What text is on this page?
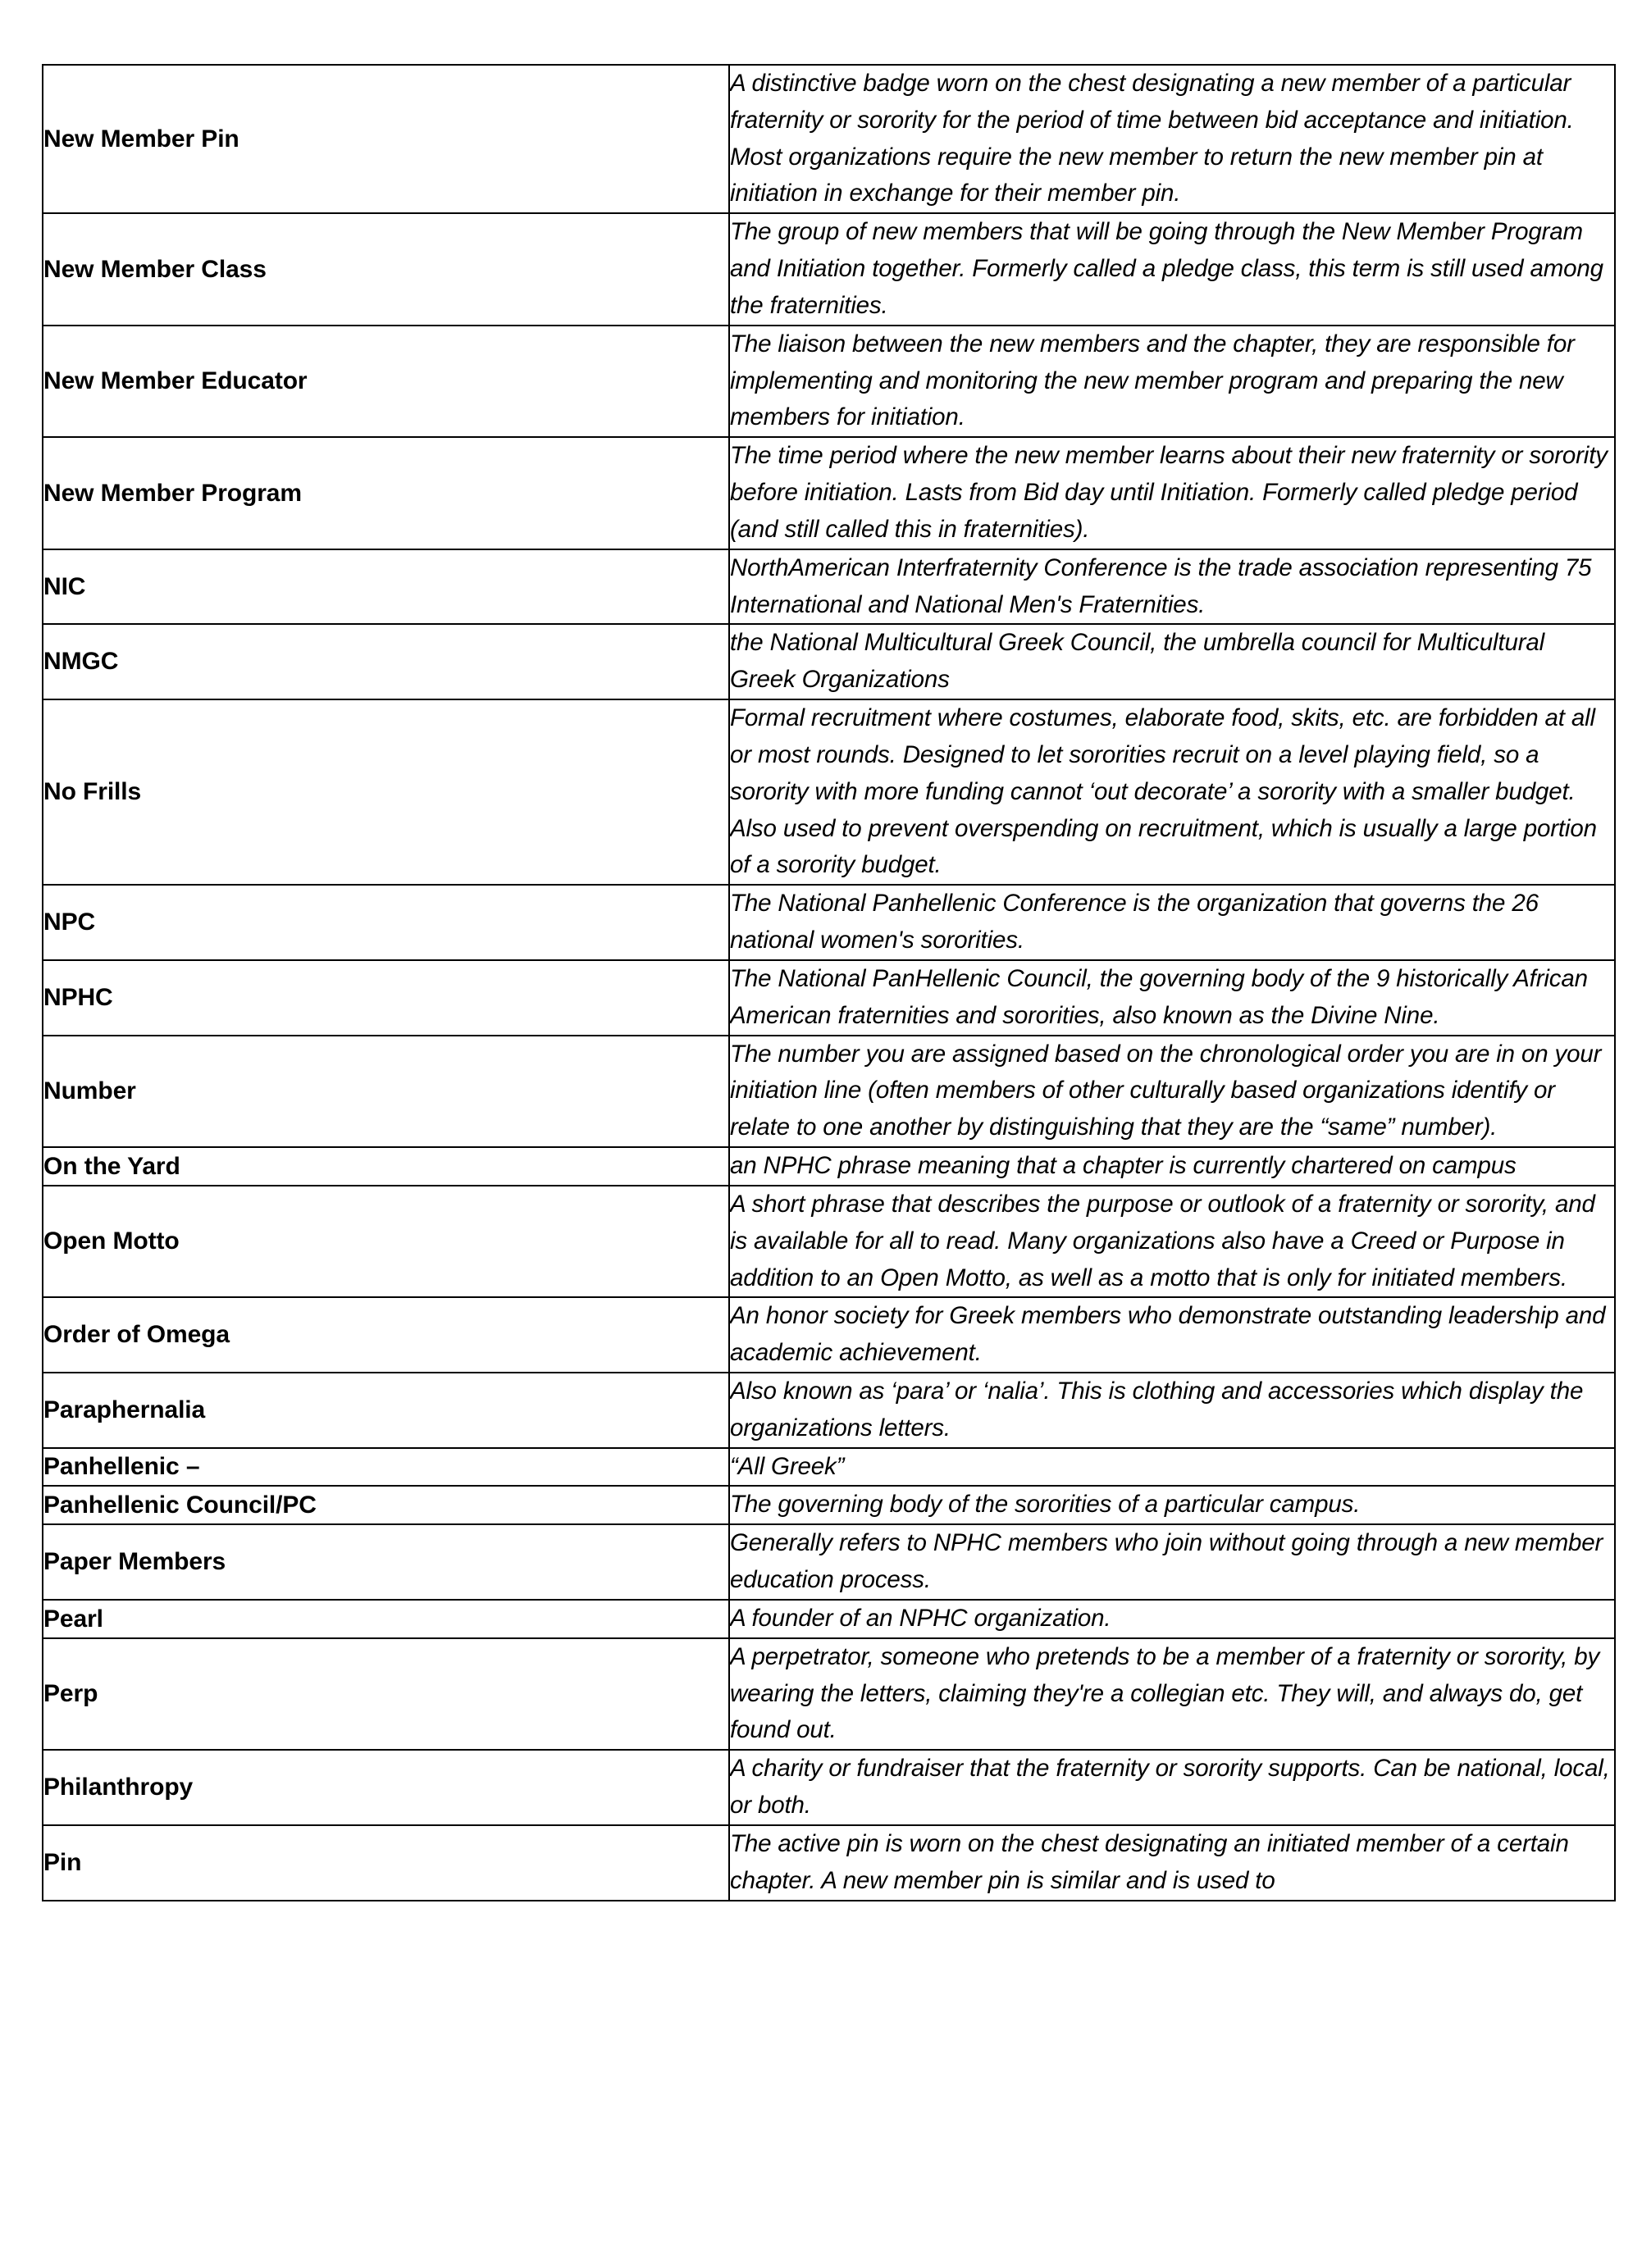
New Member Pin	A distinctive badge worn on the chest designating a new member of a particular fraternity or sorority for the period of time between bid acceptance and initiation. Most organizations require the new member to return the new member pin at initiation in exchange for their member pin.
New Member Class	The group of new members that will be going through the New Member Program and Initiation together. Formerly called a pledge class, this term is still used among the fraternities.
New Member Educator	The liaison between the new members and the chapter, they are responsible for implementing and monitoring the new member program and preparing the new members for initiation.
New Member Program	The time period where the new member learns about their new fraternity or sorority before initiation. Lasts from Bid day until Initiation. Formerly called pledge period (and still called this in fraternities).
NIC	NorthAmerican Interfraternity Conference is the trade association representing 75 International and National Men's Fraternities.
NMGC	the National Multicultural Greek Council, the umbrella council for Multicultural Greek Organizations
No Frills	Formal recruitment where costumes, elaborate food, skits, etc. are forbidden at all or most rounds. Designed to let sororities recruit on a level playing field, so a sorority with more funding cannot ‘out decorate’ a sorority with a smaller budget. Also used to prevent overspending on recruitment, which is usually a large portion of a sorority budget.
NPC	The National Panhellenic Conference is the organization that governs the 26 national women's sororities.
NPHC	The National PanHellenic Council, the governing body of the 9 historically African American fraternities and sororities, also known as the Divine Nine.
Number	The number you are assigned based on the chronological order you are in on your initiation line (often members of other culturally based organizations identify or relate to one another by distinguishing that they are the “same” number).
On the Yard	an NPHC phrase meaning that a chapter is currently chartered on campus
Open Motto	A short phrase that describes the purpose or outlook of a fraternity or sorority, and is available for all to read. Many organizations also have a Creed or Purpose in addition to an Open Motto, as well as a motto that is only for initiated members.
Order of Omega	An honor society for Greek members who demonstrate outstanding leadership and academic achievement.
Paraphernalia	Also known as ‘para’ or ‘nalia’. This is clothing and accessories which display the organizations letters.
Panhellenic –	“All Greek”
Panhellenic Council/PC	The governing body of the sororities of a particular campus.
Paper Members	Generally refers to NPHC members who join without going through a new member education process.
Pearl	A founder of an NPHC organization.
Perp	A perpetrator, someone who pretends to be a member of a fraternity or sorority, by wearing the letters, claiming they're a collegian etc. They will, and always do, get found out.
Philanthropy	A charity or fundraiser that the fraternity or sorority supports. Can be national, local, or both.
Pin	The active pin is worn on the chest designating an initiated member of a certain chapter. A new member pin is similar and is used to
